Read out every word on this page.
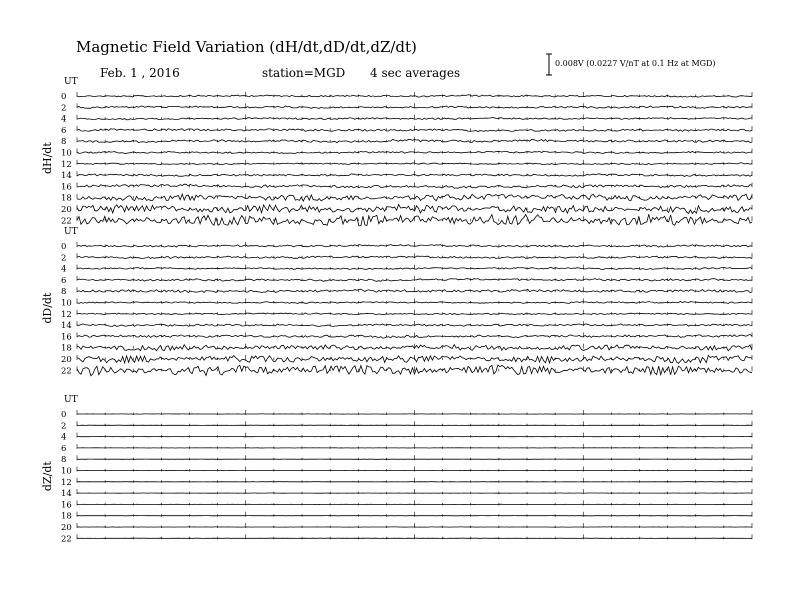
Magnetic Field Variation (dH/dt,dD/dt,dZ/dt)
Feb. 1 , 2016	station=MGD 4 sec averages
0.008V (0.0227 V/nT at 0.1 Hz at MGD)
UT
dH/dt
0
2
4
6
8
10
12
14
16
18
20
22
UT
dD/dt
0
2
4
6
8
10
12
14
16
18
20
22
UT
dZ/dt
0
2
4
6
8
10
12
14
16
18
20
22
